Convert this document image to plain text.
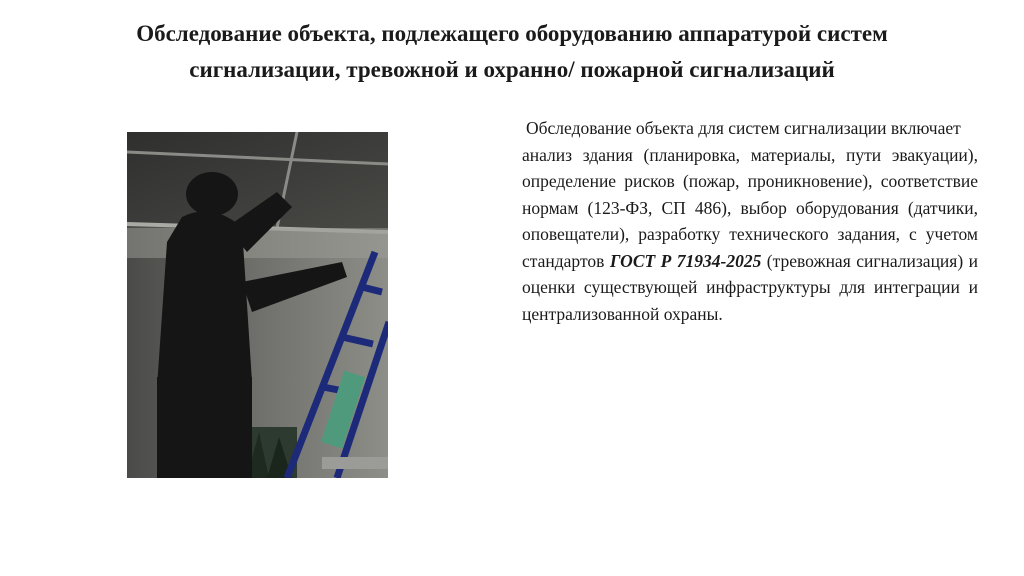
Обследование объекта, подлежащего оборудованию аппаратурой систем
сигнализации, тревожной и охранно/ пожарной сигнализаций

Обследование объекта для систем сигнализации включает

анализ здания (планировка, материалы, пути эвакуации), определение рисков (пожар, проникновение), соответствие нормам (123-ФЗ, СП 486), выбор оборудования (датчики, оповещатели), разработку технического задания, с учетом стандартов ГОСТ Р 71934-2025 (тревожная сигнализация) и оценки существующей инфраструктуры для интеграции и централизованной охраны.
